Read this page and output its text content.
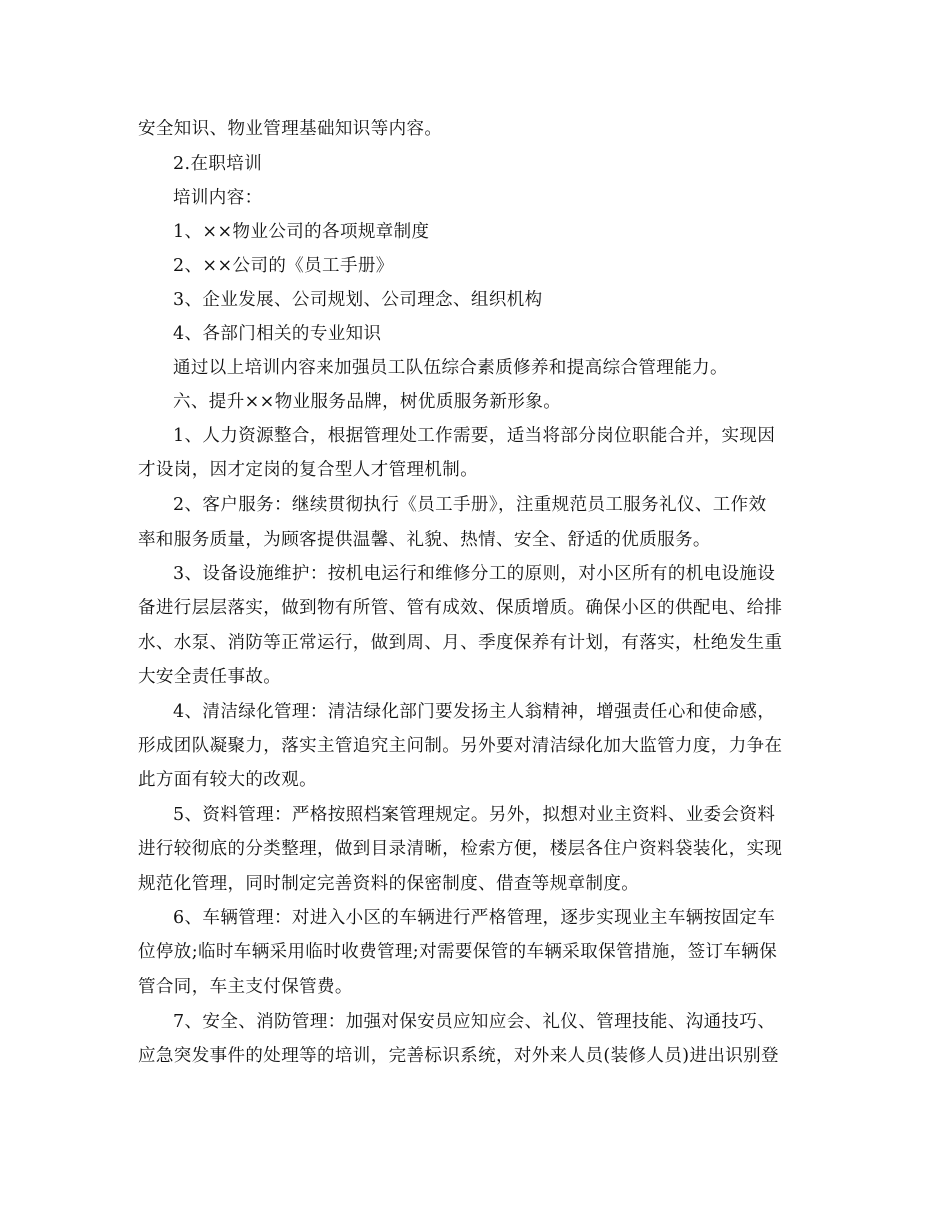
安全知识、物业管理基础知识等内容。
2.在职培训
培训内容：
1、××物业公司的各项规章制度
2、××公司的《员工手册》
3、企业发展、公司规划、公司理念、组织机构
4、各部门相关的专业知识
通过以上培训内容来加强员工队伍综合素质修养和提高综合管理能力。
六、提升××物业服务品牌，树优质服务新形象。
1、人力资源整合，根据管理处工作需要，适当将部分岗位职能合并，实现因
才设岗，因才定岗的复合型人才管理机制。
2、客户服务：继续贯彻执行《员工手册》，注重规范员工服务礼仪、工作效
率和服务质量，为顾客提供温馨、礼貌、热情、安全、舒适的优质服务。
3、设备设施维护：按机电运行和维修分工的原则，对小区所有的机电设施设
备进行层层落实，做到物有所管、管有成效、保质增质。确保小区的供配电、给排
水、水泵、消防等正常运行，做到周、月、季度保养有计划，有落实，杜绝发生重
大安全责任事故。
4、清洁绿化管理：清洁绿化部门要发扬主人翁精神，增强责任心和使命感，
形成团队凝聚力，落实主管追究主问制。另外要对清洁绿化加大监管力度，力争在
此方面有较大的改观。
5、资料管理：严格按照档案管理规定。另外，拟想对业主资料、业委会资料
进行较彻底的分类整理，做到目录清晰，检索方便，楼层各住户资料袋装化，实现
规范化管理，同时制定完善资料的保密制度、借查等规章制度。
6、车辆管理：对进入小区的车辆进行严格管理，逐步实现业主车辆按固定车
位停放;临时车辆采用临时收费管理;对需要保管的车辆采取保管措施，签订车辆保
管合同，车主支付保管费。
7、安全、消防管理：加强对保安员应知应会、礼仪、管理技能、沟通技巧、
应急突发事件的处理等的培训，完善标识系统，对外来人员(装修人员)进出识别登
